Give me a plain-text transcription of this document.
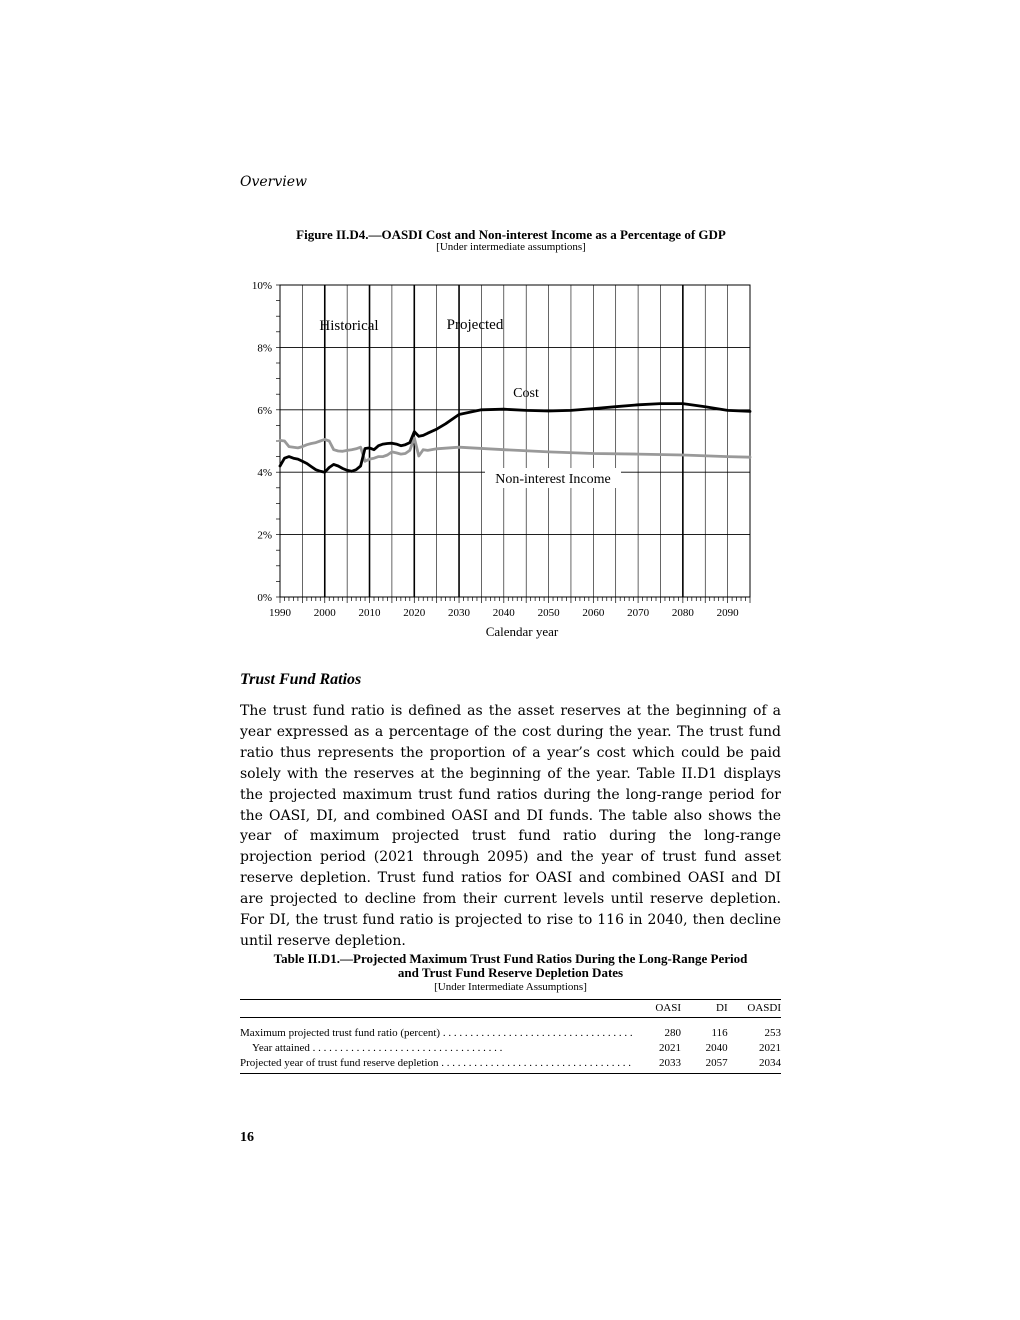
Overview
Figure II.D4.—OASDI Cost and Non-interest Income as a Percentage of GDP
[Under intermediate assumptions]
1990 2000 2010 2020 2030 2040 2050 2060 2070 2080 2090
0%
2%
4%
6%
8%
10%
Historical	Projected
Cost
Non-interest Income
Calendar year
Trust Fund Ratios
The trust fund ratio is defined as the asset reserves at the beginning of a year expressed as a percentage of the cost during the year. The trust fund ratio thus represents the proportion of a year’s cost which could be paid solely with the reserves at the beginning of the year. Table II.D1 displays the projected maximum trust fund ratios during the long-range period for the OASI, DI, and combined OASI and DI funds. The table also shows the year of maximum projected trust fund ratio during the long-range projection period (2021 through 2095) and the year of trust fund asset reserve depletion. Trust fund ratios for OASI and combined OASI and DI are projected to decline from their current levels until reserve depletion. For DI, the trust fund ratio is projected to rise to 116 in 2040, then decline until reserve depletion.
Table II.D1.—Projected Maximum Trust Fund Ratios During the Long-Range Period
and Trust Fund Reserve Depletion Dates
[Under Intermediate Assumptions]
	OASI	DI	OASDI
Maximum projected trust fund ratio (percent) . . .	280	116	253
Year attained . . .	2021	2040	2021
Projected year of trust fund reserve depletion . . .	2033	2057	2034
16
